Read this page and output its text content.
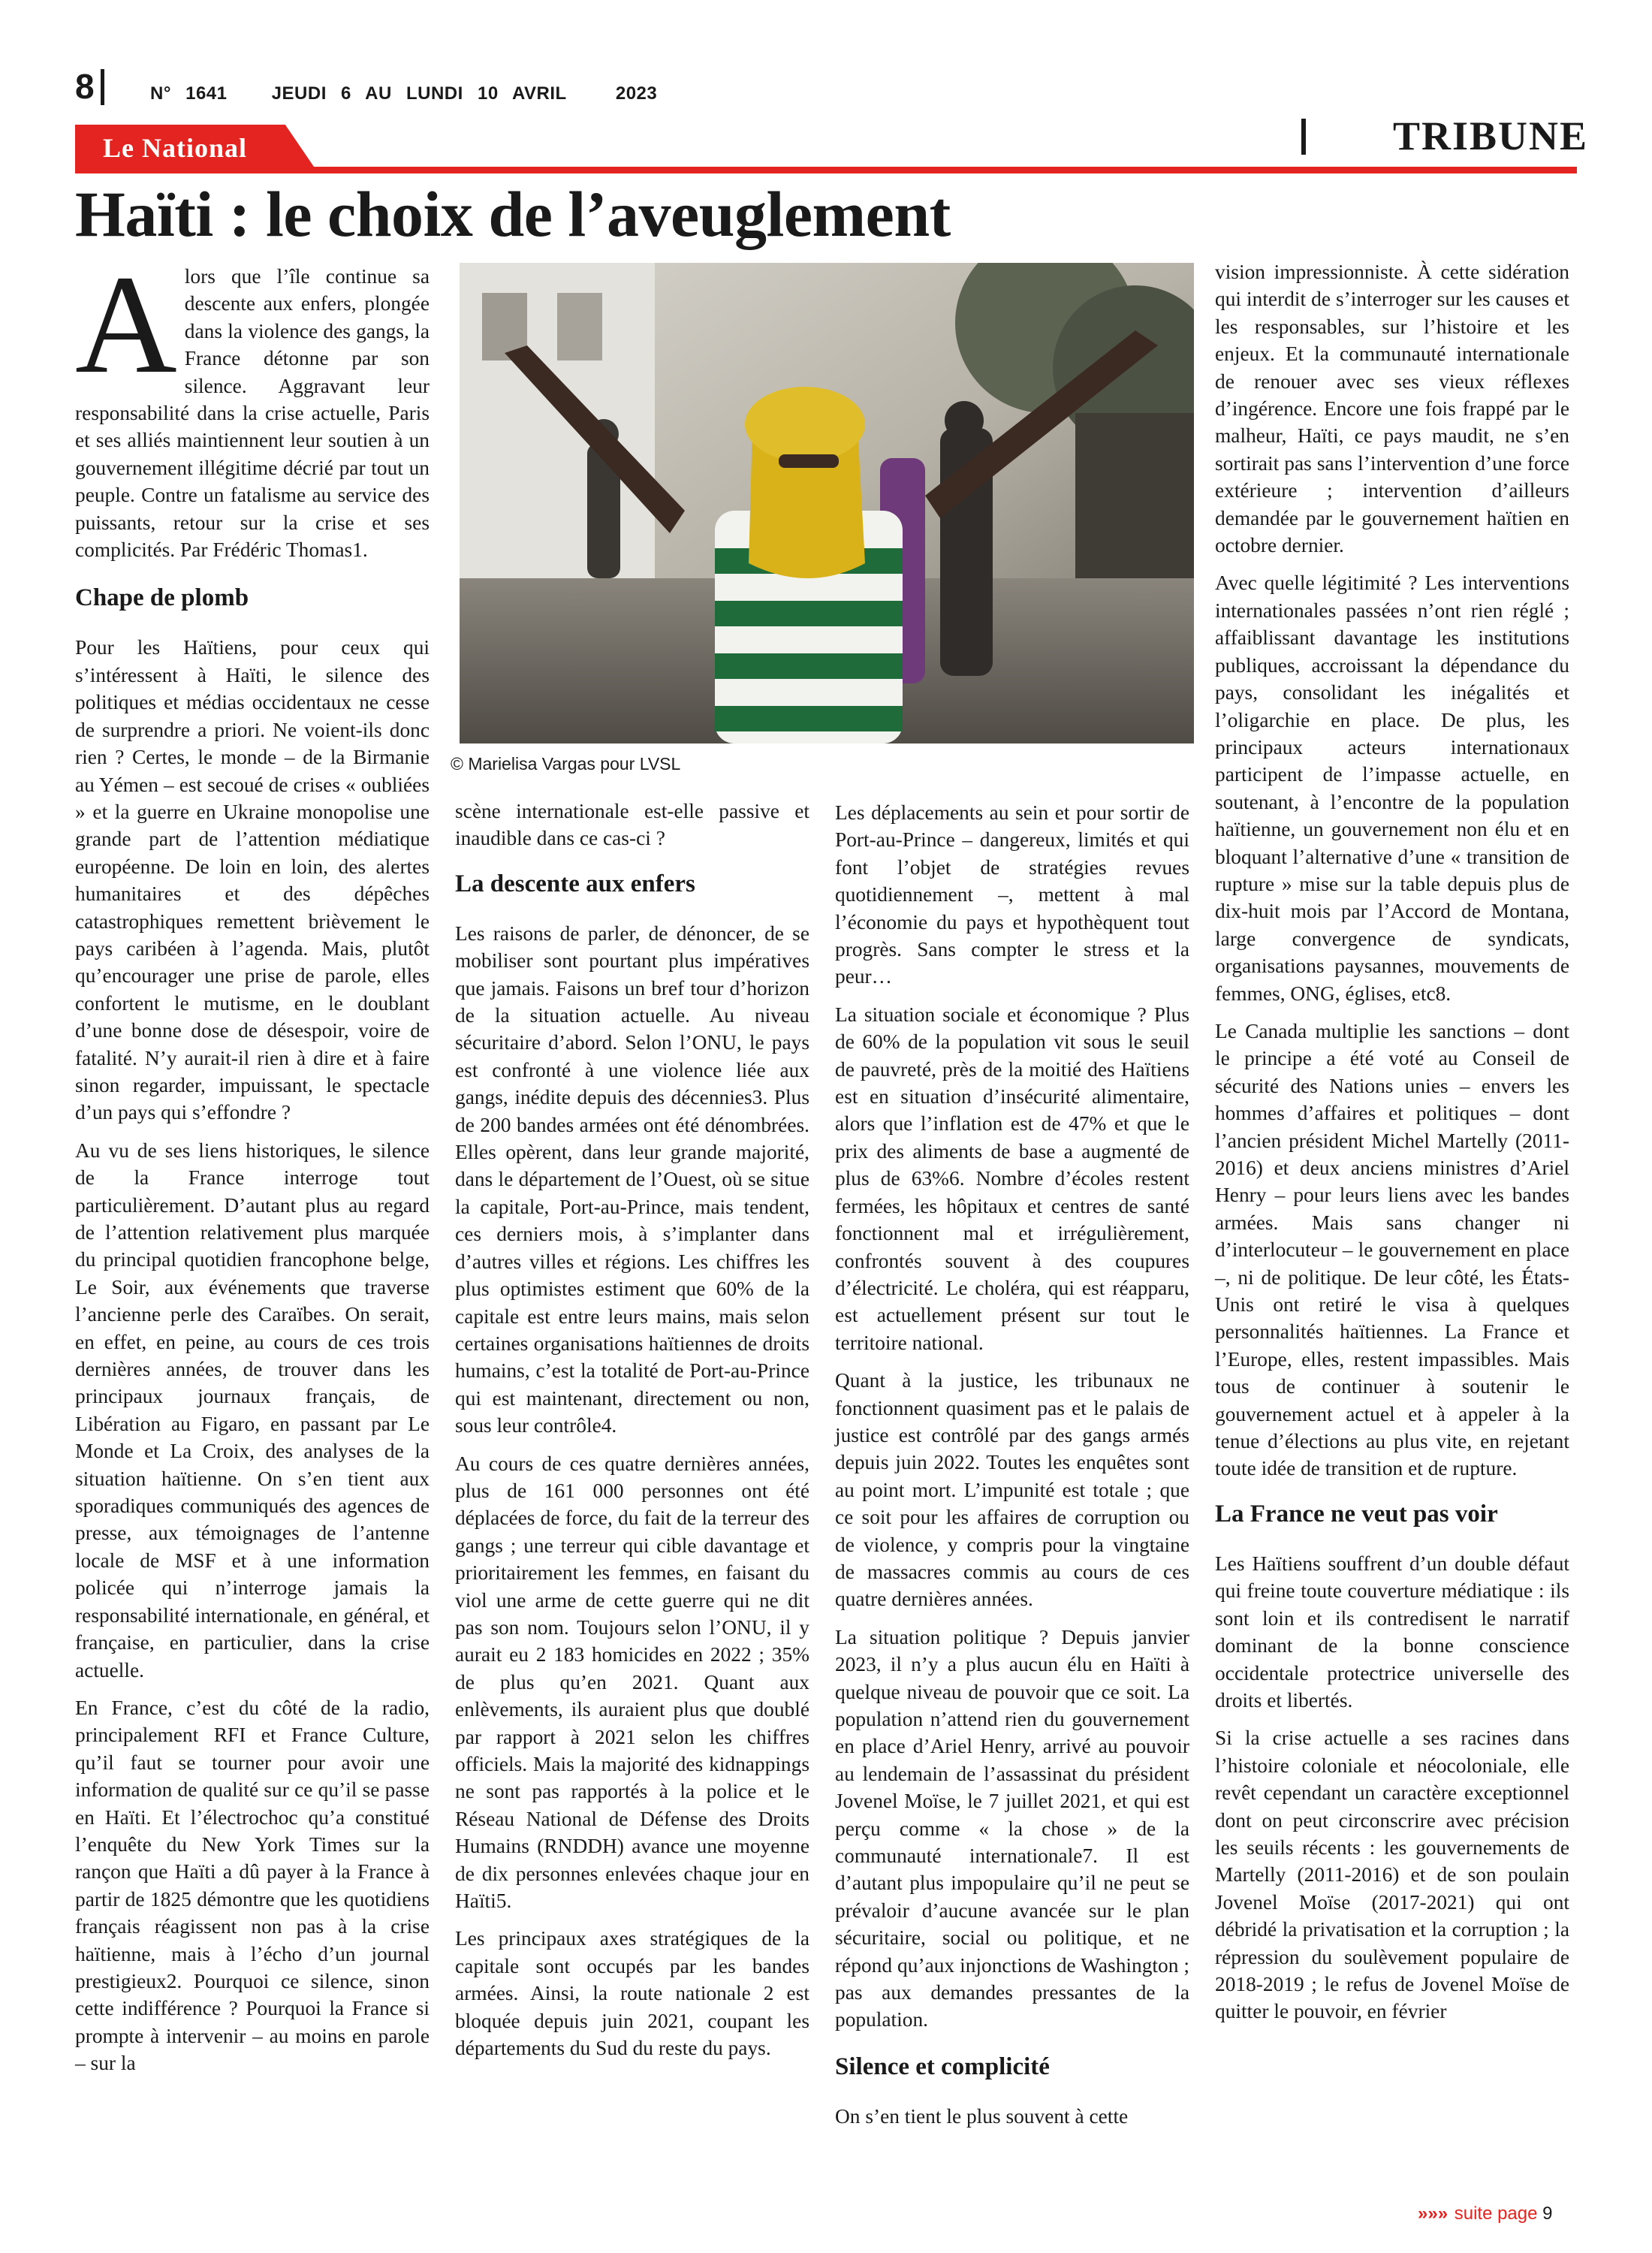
8	N° 1641 JEUDI 6 AU LUNDI 10 AVRIL	2023
Le National	TRIBUNE
Haïti : le choix de l’aveuglement

Alors que l’île continue sa descente aux enfers, plongée dans la violence des gangs, la France détonne par son silence. Aggravant leur responsabilité dans la crise actuelle, Paris et ses alliés maintiennent leur soutien à un gouvernement illégitime décrié par tout un peuple. Contre un fatalisme au service des puissants, retour sur la crise et ses complicités. Par Frédéric Thomas1.

Chape de plomb

Pour les Haïtiens, pour ceux qui s’intéressent à Haïti, le silence des politiques et médias occidentaux ne cesse de surprendre a priori. Ne voient-ils donc rien ? Certes, le monde – de la Birmanie au Yémen – est secoué de crises « oubliées » et la guerre en Ukraine monopolise une grande part de l’attention médiatique européenne. De loin en loin, des alertes humanitaires et des dépêches catastrophiques remettent brièvement le pays caribéen à l’agenda. Mais, plutôt qu’encourager une prise de parole, elles confortent le mutisme, en le doublant d’une bonne dose de désespoir, voire de fatalité. N’y aurait-il rien à dire et à faire sinon regarder, impuissant, le spectacle d’un pays qui s’effondre ?

Au vu de ses liens historiques, le silence de la France interroge tout particulièrement. D’autant plus au regard de l’attention relativement plus marquée du principal quotidien francophone belge, Le Soir, aux événements que traverse l’ancienne perle des Caraïbes. On serait, en effet, en peine, au cours de ces trois dernières années, de trouver dans les principaux journaux français, de Libération au Figaro, en passant par Le Monde et La Croix, des analyses de la situation haïtienne. On s’en tient aux sporadiques communiqués des agences de presse, aux témoignages de l’antenne locale de MSF et à une information policée qui n’interroge jamais la responsabilité internationale, en général, et française, en particulier, dans la crise actuelle.

En France, c’est du côté de la radio, principalement RFI et France Culture, qu’il faut se tourner pour avoir une information de qualité sur ce qu’il se passe en Haïti. Et l’électrochoc qu’a constitué l’enquête du New York Times sur la rançon que Haïti a dû payer à la France à partir de 1825 démontre que les quotidiens français réagissent non pas à la crise haïtienne, mais à l’écho d’un journal prestigieux2. Pourquoi ce silence, sinon cette indifférence ? Pourquoi la France si prompte à intervenir – au moins en parole – sur la

© Marielisa Vargas pour LVSL

scène internationale est-elle passive et inaudible dans ce cas-ci ?

La descente aux enfers

Les raisons de parler, de dénoncer, de se mobiliser sont pourtant plus impératives que jamais. Faisons un bref tour d’horizon de la situation actuelle. Au niveau sécuritaire d’abord. Selon l’ONU, le pays est confronté à une violence liée aux gangs, inédite depuis des décennies3. Plus de 200 bandes armées ont été dénombrées. Elles opèrent, dans leur grande majorité, dans le département de l’Ouest, où se situe la capitale, Port-au-Prince, mais tendent, ces derniers mois, à s’implanter dans d’autres villes et régions. Les chiffres les plus optimistes estiment que 60% de la capitale est entre leurs mains, mais selon certaines organisations haïtiennes de droits humains, c’est la totalité de Port-au-Prince qui est maintenant, directement ou non, sous leur contrôle4.

Au cours de ces quatre dernières années, plus de 161 000 personnes ont été déplacées de force, du fait de la terreur des gangs ; une terreur qui cible davantage et prioritairement les femmes, en faisant du viol une arme de cette guerre qui ne dit pas son nom. Toujours selon l’ONU, il y aurait eu 2 183 homicides en 2022 ; 35% de plus qu’en 2021. Quant aux enlèvements, ils auraient plus que doublé par rapport à 2021 selon les chiffres officiels. Mais la majorité des kidnappings ne sont pas rapportés à la police et le Réseau National de Défense des Droits Humains (RNDDH) avance une moyenne de dix personnes enlevées chaque jour en Haïti5.

Les principaux axes stratégiques de la capitale sont occupés par les bandes armées. Ainsi, la route nationale 2 est bloquée depuis juin 2021, coupant les départements du Sud du reste du pays.

Les déplacements au sein et pour sortir de Port-au-Prince – dangereux, limités et qui font l’objet de stratégies revues quotidiennement –, mettent à mal l’économie du pays et hypothèquent tout progrès. Sans compter le stress et la peur…

La situation sociale et économique ? Plus de 60% de la population vit sous le seuil de pauvreté, près de la moitié des Haïtiens est en situation d’insécurité alimentaire, alors que l’inflation est de 47% et que le prix des aliments de base a augmenté de plus de 63%6. Nombre d’écoles restent fermées, les hôpitaux et centres de santé fonctionnent mal et irrégulièrement, confrontés souvent à des coupures d’électricité. Le choléra, qui est réapparu, est actuellement présent sur tout le territoire national.

Quant à la justice, les tribunaux ne fonctionnent quasiment pas et le palais de justice est contrôlé par des gangs armés depuis juin 2022. Toutes les enquêtes sont au point mort. L’impunité est totale ; que ce soit pour les affaires de corruption ou de violence, y compris pour la vingtaine de massacres commis au cours de ces quatre dernières années.

La situation politique ? Depuis janvier 2023, il n’y a plus aucun élu en Haïti à quelque niveau de pouvoir que ce soit. La population n’attend rien du gouvernement en place d’Ariel Henry, arrivé au pouvoir au lendemain de l’assassinat du président Jovenel Moïse, le 7 juillet 2021, et qui est perçu comme « la chose » de la communauté internationale7. Il est d’autant plus impopulaire qu’il ne peut se prévaloir d’aucune avancée sur le plan sécuritaire, social ou politique, et ne répond qu’aux injonctions de Washington ; pas aux demandes pressantes de la population.

Silence et complicité

On s’en tient le plus souvent à cette

vision impressionniste. À cette sidération qui interdit de s’interroger sur les causes et les responsables, sur l’histoire et les enjeux. Et la communauté internationale de renouer avec ses vieux réflexes d’ingérence. Encore une fois frappé par le malheur, Haïti, ce pays maudit, ne s’en sortirait pas sans l’intervention d’une force extérieure ; intervention d’ailleurs demandée par le gouvernement haïtien en octobre dernier.

Avec quelle légitimité ? Les interventions internationales passées n’ont rien réglé ; affaiblissant davantage les institutions publiques, accroissant la dépendance du pays, consolidant les inégalités et l’oligarchie en place. De plus, les principaux acteurs internationaux participent de l’impasse actuelle, en soutenant, à l’encontre de la population haïtienne, un gouvernement non élu et en bloquant l’alternative d’une « transition de rupture » mise sur la table depuis plus de dix-huit mois par l’Accord de Montana, large convergence de syndicats, organisations paysannes, mouvements de femmes, ONG, églises, etc8.

Le Canada multiplie les sanctions – dont le principe a été voté au Conseil de sécurité des Nations unies – envers les hommes d’affaires et politiques – dont l’ancien président Michel Martelly (2011-2016) et deux anciens ministres d’Ariel Henry – pour leurs liens avec les bandes armées. Mais sans changer ni d’interlocuteur – le gouvernement en place –, ni de politique. De leur côté, les États-Unis ont retiré le visa à quelques personnalités haïtiennes. La France et l’Europe, elles, restent impassibles. Mais tous de continuer à soutenir le gouvernement actuel et à appeler à la tenue d’élections au plus vite, en rejetant toute idée de transition et de rupture.

La France ne veut pas voir

Les Haïtiens souffrent d’un double défaut qui freine toute couverture médiatique : ils sont loin et ils contredisent le narratif dominant de la bonne conscience occidentale protectrice universelle des droits et libertés.

Si la crise actuelle a ses racines dans l’histoire coloniale et néocoloniale, elle revêt cependant un caractère exceptionnel dont on peut circonscrire avec précision les seuils récents : les gouvernements de Martelly (2011-2016) et de son poulain Jovenel Moïse (2017-2021) qui ont débridé la privatisation et la corruption ; la répression du soulèvement populaire de 2018-2019 ; le refus de Jovenel Moïse de quitter le pouvoir, en février

»»» suite page 9
